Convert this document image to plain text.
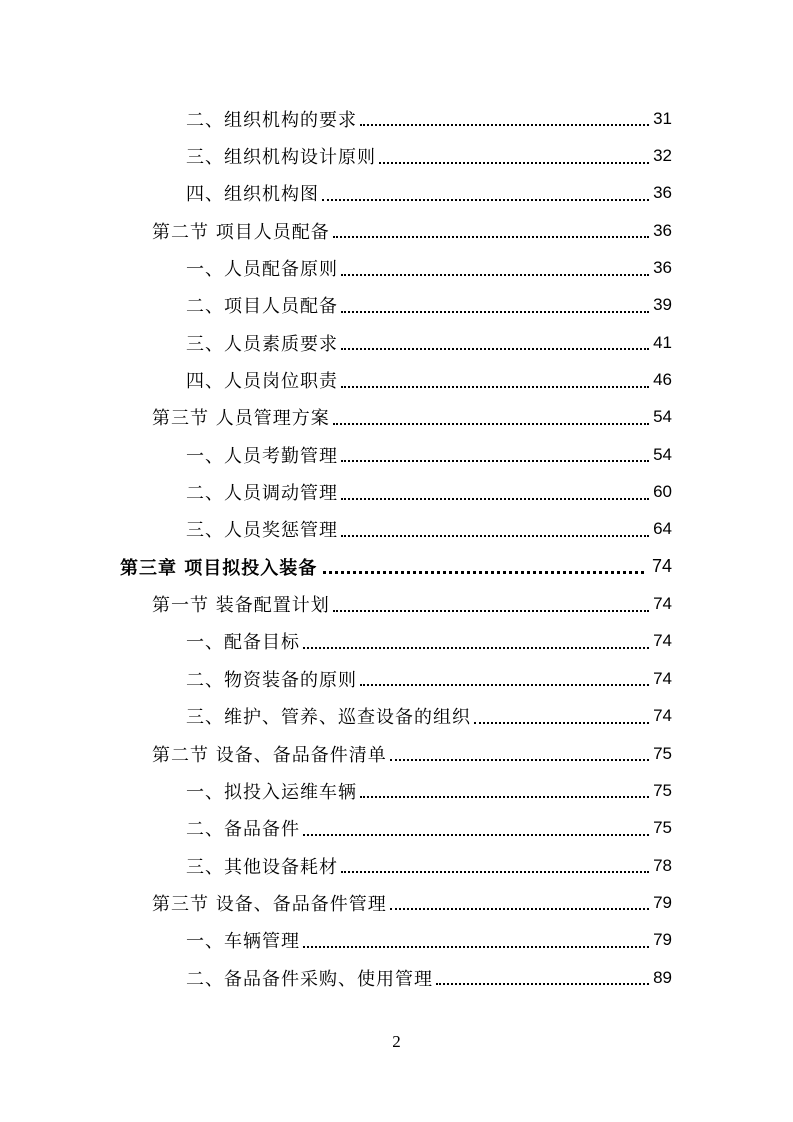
二、组织机构的要求	31
三、组织机构设计原则	32
四、组织机构图	36
第二节 项目人员配备	36
一、人员配备原则	36
二、项目人员配备	39
三、人员素质要求	41
四、人员岗位职责	46
第三节 人员管理方案	54
一、人员考勤管理	54
二、人员调动管理	60
三、人员奖惩管理	64
第三章 项目拟投入装备	74
第一节 装备配置计划	74
一、配备目标	74
二、物资装备的原则	74
三、维护、管养、巡查设备的组织	74
第二节 设备、备品备件清单	75
一、拟投入运维车辆	75
二、备品备件	75
三、其他设备耗材	78
第三节 设备、备品备件管理	79
一、车辆管理	79
二、备品备件采购、使用管理	89
2
